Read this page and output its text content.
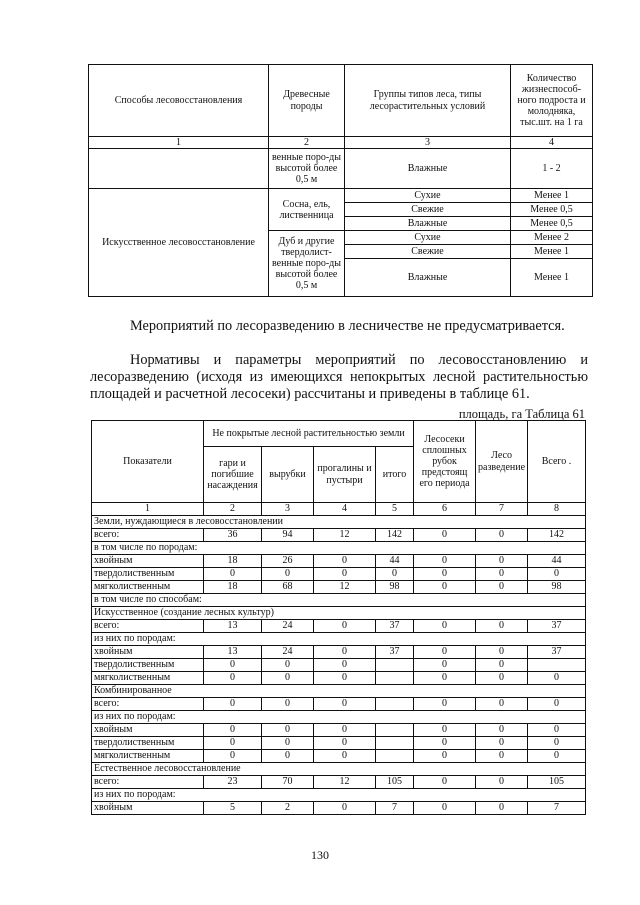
Способы лесовосстановления	Древесные породы	Группы типов леса, типы лесорастительных условий	Количество жизнеспособ-ного подроста и молодняка, тыс.шт. на 1 га
1	2	3	4
	венные поро-ды высотой более 0,5 м	Влажные	1 - 2
Искусственное лесовосстановление	Сосна, ель, лиственница	Сухие	Менее 1
		Свежие	Менее 0,5
		Влажные	Менее 0,5
	Дуб и другие твердолист-венные поро-ды высотой более 0,5 м	Сухие	Менее 2
		Свежие	Менее 1
		Влажные	Менее 1
Мероприятий по лесоразведению в лесничестве не предусматривается.
Нормативы и параметры мероприятий по лесовосстановлению и лесоразведению (исходя из имеющихся непокрытых лесной растительностью площадей и расчетной лесосеки) рассчитаны и приведены в таблице 61.
площадь, га Таблица 61
Показатели	Не покрытые лесной растительностью земли				Лесосеки сплошных рубок предстоящ его периода	Лесо разведение	Всего .
	гари и погибшие насаждения	вырубки	прогалины и пустыри	итого			
1	2	3	4	5	6	7	8
Земли, нуждающиеся в лесовосстановлении							
всего:	36	94	12	142	0	0	142
в том числе по породам:							
хвойным	18	26	0	44	0	0	44
твердолиственным	0	0	0	0	0	0	0
мягколиственным	18	68	12	98	0	0	98
в том числе по способам:							
Искусственное (создание лесных культур)							
всего:	13	24	0	37	0	0	37
из них по породам:							
хвойным	13	24	0	37	0	0	37
твердолиственным	0	0	0		0	0	
мягколиственным	0	0	0		0	0	0
Комбинированное							
всего:	0	0	0		0	0	0
из них по породам:							
хвойным	0	0	0		0	0	0
твердолиственным	0	0	0		0	0	0
мягколиственным	0	0	0		0	0	0
Естественное лесовосстановление							
всего:	23	70	12	105	0	0	105
из них по породам:							
хвойным	5	2	0	7	0	0	7
130
